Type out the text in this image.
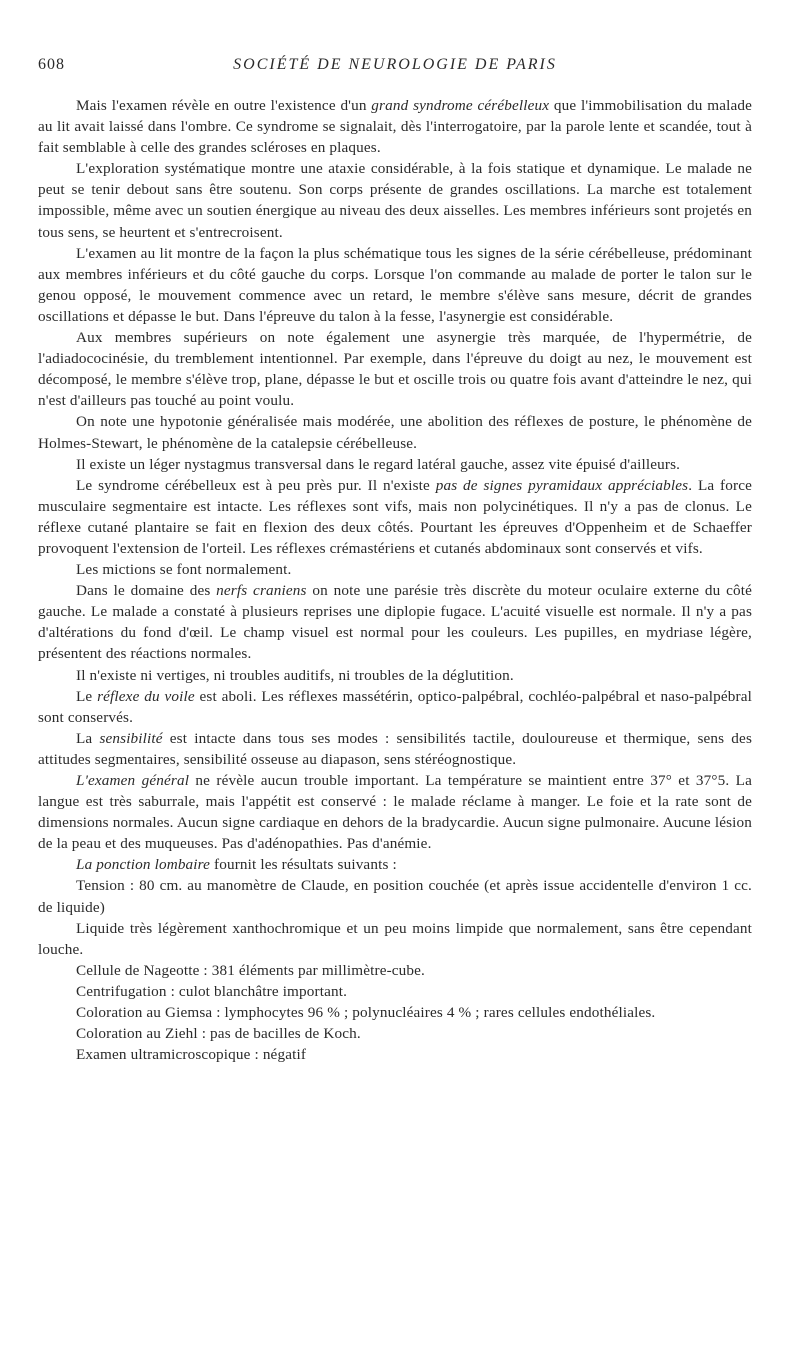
608	SOCIÉTÉ DE NEUROLOGIE DE PARIS

Mais l'examen révèle en outre l'existence d'un grand syndrome cérébelleux que l'immobilisation du malade au lit avait laissé dans l'ombre. Ce syndrome se signalait, dès l'interrogatoire, par la parole lente et scandée, tout à fait semblable à celle des grandes scléroses en plaques.

L'exploration systématique montre une ataxie considérable, à la fois statique et dynamique. Le malade ne peut se tenir debout sans être soutenu. Son corps présente de grandes oscillations. La marche est totalement impossible, même avec un soutien énergique au niveau des deux aisselles. Les membres inférieurs sont projetés en tous sens, se heurtent et s'entrecroisent.

L'examen au lit montre de la façon la plus schématique tous les signes de la série cérébelleuse, prédominant aux membres inférieurs et du côté gauche du corps. Lorsque l'on commande au malade de porter le talon sur le genou opposé, le mouvement commence avec un retard, le membre s'élève sans mesure, décrit de grandes oscillations et dépasse le but. Dans l'épreuve du talon à la fesse, l'asynergie est considérable.

Aux membres supérieurs on note également une asynergie très marquée, de l'hypermétrie, de l'adiadococinésie, du tremblement intentionnel. Par exemple, dans l'épreuve du doigt au nez, le mouvement est décomposé, le membre s'élève trop, plane, dépasse le but et oscille trois ou quatre fois avant d'atteindre le nez, qui n'est d'ailleurs pas touché au point voulu.

On note une hypotonie généralisée mais modérée, une abolition des réflexes de posture, le phénomène de Holmes-Stewart, le phénomène de la catalepsie cérébelleuse.

Il existe un léger nystagmus transversal dans le regard latéral gauche, assez vite épuisé d'ailleurs.

Le syndrome cérébelleux est à peu près pur. Il n'existe pas de signes pyramidaux appréciables. La force musculaire segmentaire est intacte. Les réflexes sont vifs, mais non polycinétiques. Il n'y a pas de clonus. Le réflexe cutané plantaire se fait en flexion des deux côtés. Pourtant les épreuves d'Oppenheim et de Schaeffer provoquent l'extension de l'orteil. Les réflexes crémastériens et cutanés abdominaux sont conservés et vifs.

Les mictions se font normalement.

Dans le domaine des nerfs craniens on note une parésie très discrète du moteur oculaire externe du côté gauche. Le malade a constaté à plusieurs reprises une diplopie fugace. L'acuité visuelle est normale. Il n'y a pas d'altérations du fond d'œil. Le champ visuel est normal pour les couleurs. Les pupilles, en mydriase légère, présentent des réactions normales.

Il n'existe ni vertiges, ni troubles auditifs, ni troubles de la déglutition.

Le réflexe du voile est aboli. Les réflexes massétérin, optico-palpébral, cochléo-palpébral et naso-palpébral sont conservés.

La sensibilité est intacte dans tous ses modes : sensibilités tactile, douloureuse et thermique, sens des attitudes segmentaires, sensibilité osseuse au diapason, sens stéréognostique.

L'examen général ne révèle aucun trouble important. La température se maintient entre 37° et 37°5. La langue est très saburrale, mais l'appétit est conservé : le malade réclame à manger. Le foie et la rate sont de dimensions normales. Aucun signe cardiaque en dehors de la bradycardie. Aucun signe pulmonaire. Aucune lésion de la peau et des muqueuses. Pas d'adénopathies. Pas d'anémie.

La ponction lombaire fournit les résultats suivants :

Tension : 80 cm. au manomètre de Claude, en position couchée (et après issue accidentelle d'environ 1 cc. de liquide)

Liquide très légèrement xanthochromique et un peu moins limpide que normalement, sans être cependant louche.

Cellule de Nageotte : 381 éléments par millimètre-cube.

Centrifugation : culot blanchâtre important.

Coloration au Giemsa : lymphocytes 96 % ; polynucléaires 4 % ; rares cellules endothéliales.

Coloration au Ziehl : pas de bacilles de Koch.

Examen ultramicroscopique : négatif
